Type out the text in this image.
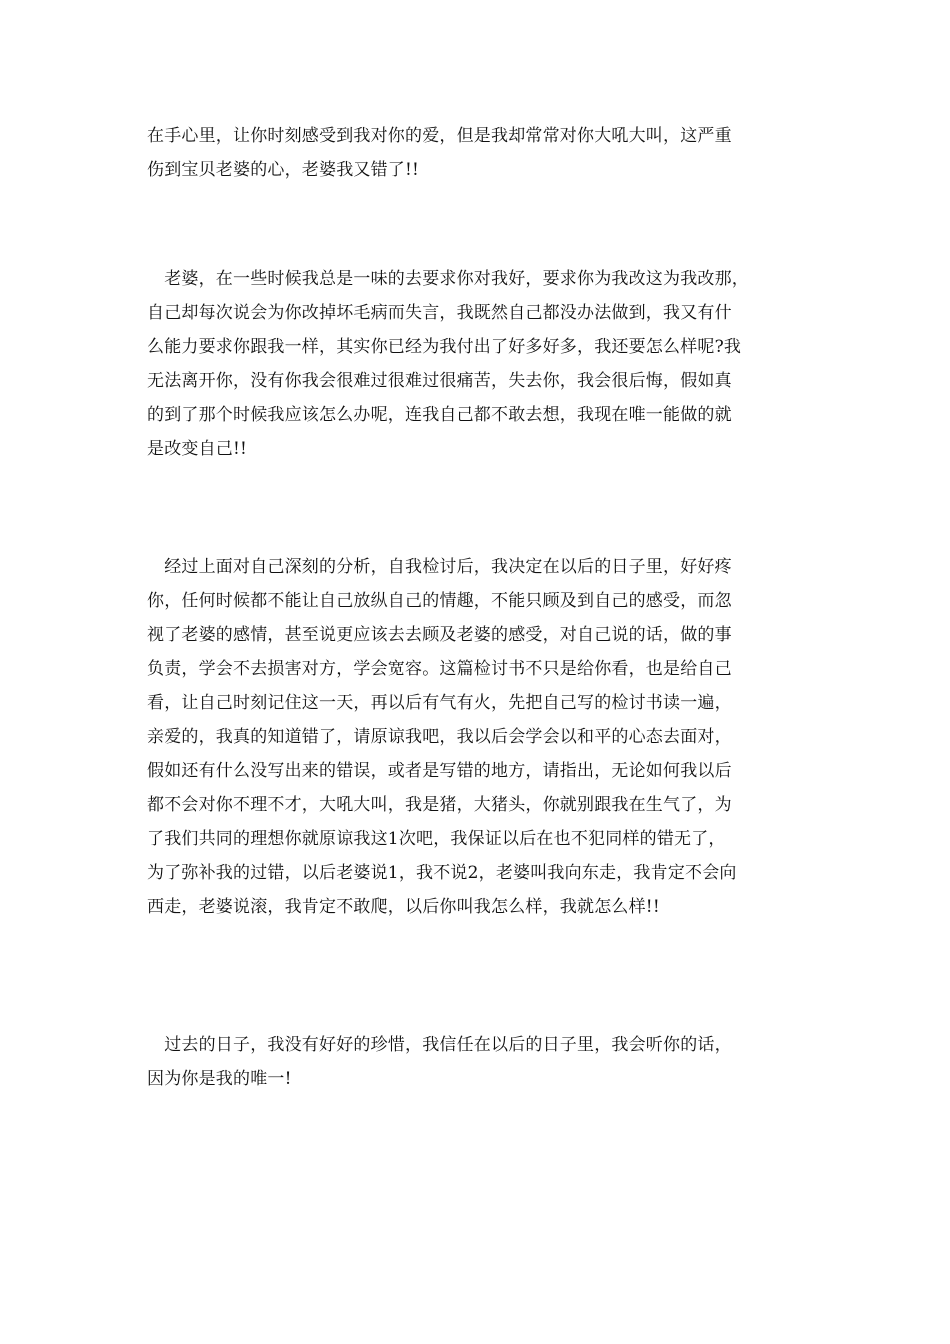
在手心里，让你时刻感受到我对你的爱，但是我却常常对你大吼大叫，这严重
伤到宝贝老婆的心，老婆我又错了!!
　老婆，在一些时候我总是一味的去要求你对我好，要求你为我改这为我改那，
自己却每次说会为你改掉坏毛病而失言，我既然自己都没办法做到，我又有什
么能力要求你跟我一样，其实你已经为我付出了好多好多，我还要怎么样呢?我
无法离开你，没有你我会很难过很难过很痛苦，失去你，我会很后悔，假如真
的到了那个时候我应该怎么办呢，连我自己都不敢去想，我现在唯一能做的就
是改变自己!!
　经过上面对自己深刻的分析，自我检讨后，我决定在以后的日子里，好好疼
你，任何时候都不能让自己放纵自己的情趣，不能只顾及到自己的感受，而忽
视了老婆的感情，甚至说更应该去去顾及老婆的感受，对自己说的话，做的事
负责，学会不去损害对方，学会宽容。这篇检讨书不只是给你看，也是给自己
看，让自己时刻记住这一天，再以后有气有火，先把自己写的检讨书读一遍，
亲爱的，我真的知道错了，请原谅我吧，我以后会学会以和平的心态去面对，
假如还有什么没写出来的错误，或者是写错的地方，请指出，无论如何我以后
都不会对你不理不才，大吼大叫，我是猪，大猪头，你就别跟我在生气了，为
了我们共同的理想你就原谅我这1次吧，我保证以后在也不犯同样的错无了，
为了弥补我的过错，以后老婆说1，我不说2，老婆叫我向东走，我肯定不会向
西走，老婆说滚，我肯定不敢爬，以后你叫我怎么样，我就怎么样!!
　过去的日子，我没有好好的珍惜，我信任在以后的日子里，我会听你的话，
因为你是我的唯一!
